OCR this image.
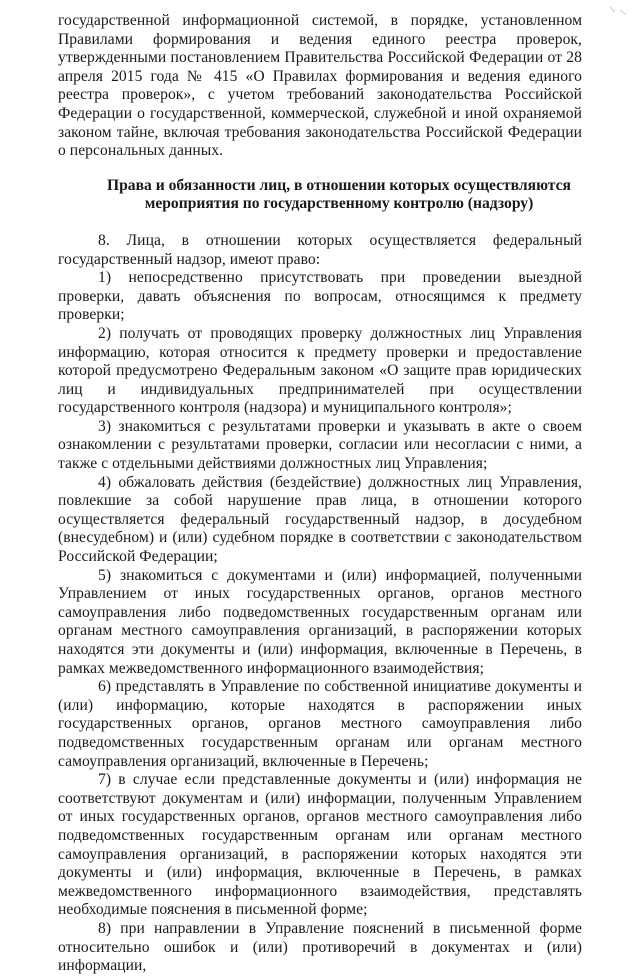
государственной информационной системой, в порядке, установленном Правилами формирования и ведения единого реестра проверок, утвержденными постановлением Правительства Российской Федерации от 28 апреля 2015 года № 415 «О Правилах формирования и ведения единого реестра проверок», с учетом требований законодательства Российской Федерации о государственной, коммерческой, служебной и иной охраняемой законом тайне, включая требования законодательства Российской Федерации о персональных данных.

Права и обязанности лиц, в отношении которых осуществляются мероприятия по государственному контролю (надзору)

8. Лица, в отношении которых осуществляется федеральный государственный надзор, имеют право:

1) непосредственно присутствовать при проведении выездной проверки, давать объяснения по вопросам, относящимся к предмету проверки;

2) получать от проводящих проверку должностных лиц Управления информацию, которая относится к предмету проверки и предоставление которой предусмотрено Федеральным законом «О защите прав юридических лиц и индивидуальных предпринимателей при осуществлении государственного контроля (надзора) и муниципального контроля»;

3) знакомиться с результатами проверки и указывать в акте о своем ознакомлении с результатами проверки, согласии или несогласии с ними, а также с отдельными действиями должностных лиц Управления;

4) обжаловать действия (бездействие) должностных лиц Управления, повлекшие за собой нарушение прав лица, в отношении которого осуществляется федеральный государственный надзор, в досудебном (внесудебном) и (или) судебном порядке в соответствии с законодательством Российской Федерации;

5) знакомиться с документами и (или) информацией, полученными Управлением от иных государственных органов, органов местного самоуправления либо подведомственных государственным органам или органам местного самоуправления организаций, в распоряжении которых находятся эти документы и (или) информация, включенные в Перечень, в рамках межведомственного информационного взаимодействия;

6) представлять в Управление по собственной инициативе документы и (или) информацию, которые находятся в распоряжении иных государственных органов, органов местного самоуправления либо подведомственных государственным органам или органам местного самоуправления организаций, включенные в Перечень;

7) в случае если представленные документы и (или) информация не соответствуют документам и (или) информации, полученным Управлением от иных государственных органов, органов местного самоуправления либо подведомственных государственным органам или органам местного самоуправления организаций, в распоряжении которых находятся эти документы и (или) информация, включенные в Перечень, в рамках межведомственного информационного взаимодействия, представлять необходимые пояснения в письменной форме;

8) при направлении в Управление пояснений в письменной форме относительно ошибок и (или) противоречий в документах и (или) информации,
